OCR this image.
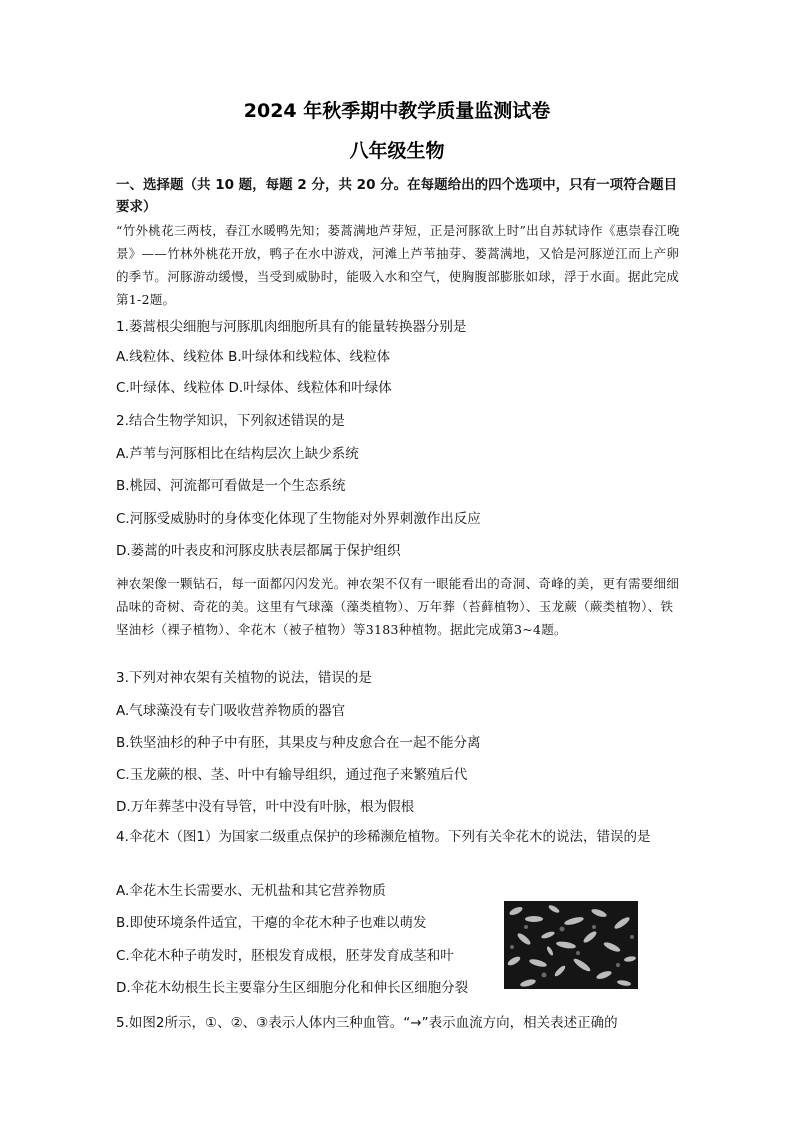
2024 年秋季期中教学质量监测试卷
八年级生物
一、选择题（共 10 题，每题 2 分，共 20 分。在每题给出的四个选项中，只有一项符合题目 要求）
“竹外桃花三两枝，春江水暖鸭先知；蒌蒿满地芦芽短，正是河豚欲上时”出自苏轼诗作《惠崇春江晚景》——竹林外桃花开放，鸭子在水中游戏，河滩上芦苇抽芽、蒌蒿满地，又恰是河豚逆江而上产卵的季节。河豚游动缓慢，当受到威胁时，能吸入水和空气，使胸腹部膨胀如球，浮于水面。据此完成第1-2题。
1.蒌蒿根尖细胞与河豚肌肉细胞所具有的能量转换器分别是
A.线粒体、线粒体 B.叶绿体和线粒体、线粒体
C.叶绿体、线粒体 D.叶绿体、线粒体和叶绿体
2.结合生物学知识，下列叙述错误的是
A.芦苇与河豚相比在结构层次上缺少系统
B.桃园、河流都可看做是一个生态系统
C.河豚受威胁时的身体变化体现了生物能对外界刺激作出反应
D.蒌蒿的叶表皮和河豚皮肤表层都属于保护组织
神农架像一颗钻石，每一面都闪闪发光。神农架不仅有一眼能看出的奇洞、奇峰的美，更有需要细细品味的奇树、奇花的美。这里有气球藻（藻类植物）、万年葬（苔藓植物）、玉龙蕨（蕨类植物）、铁坚油杉（裸子植物）、伞花木（被子植物）等3183种植物。据此完成第3~4题。
3.下列对神农架有关植物的说法，错误的是
A.气球藻没有专门吸收营养物质的器官
B.铁坚油杉的种子中有胚，其果皮与种皮愈合在一起不能分离
C.玉龙蕨的根、茎、叶中有输导组织，通过孢子来繁殖后代
D.万年葬茎中没有导管，叶中没有叶脉，根为假根
4.伞花木（图1）为国家二级重点保护的珍稀濒危植物。下列有关伞花木的说法，错误的是
A.伞花木生长需要水、无机盐和其它营养物质
B.即使环境条件适宜，干瘪的伞花木种子也难以萌发
C.伞花木种子萌发时，胚根发育成根，胚芽发育成茎和叶
D.伞花木幼根生长主要靠分生区细胞分化和伸长区细胞分裂
5.如图2所示，①、②、③表示人体内三种血管。“→”表示血流方向，相关表述正确的
